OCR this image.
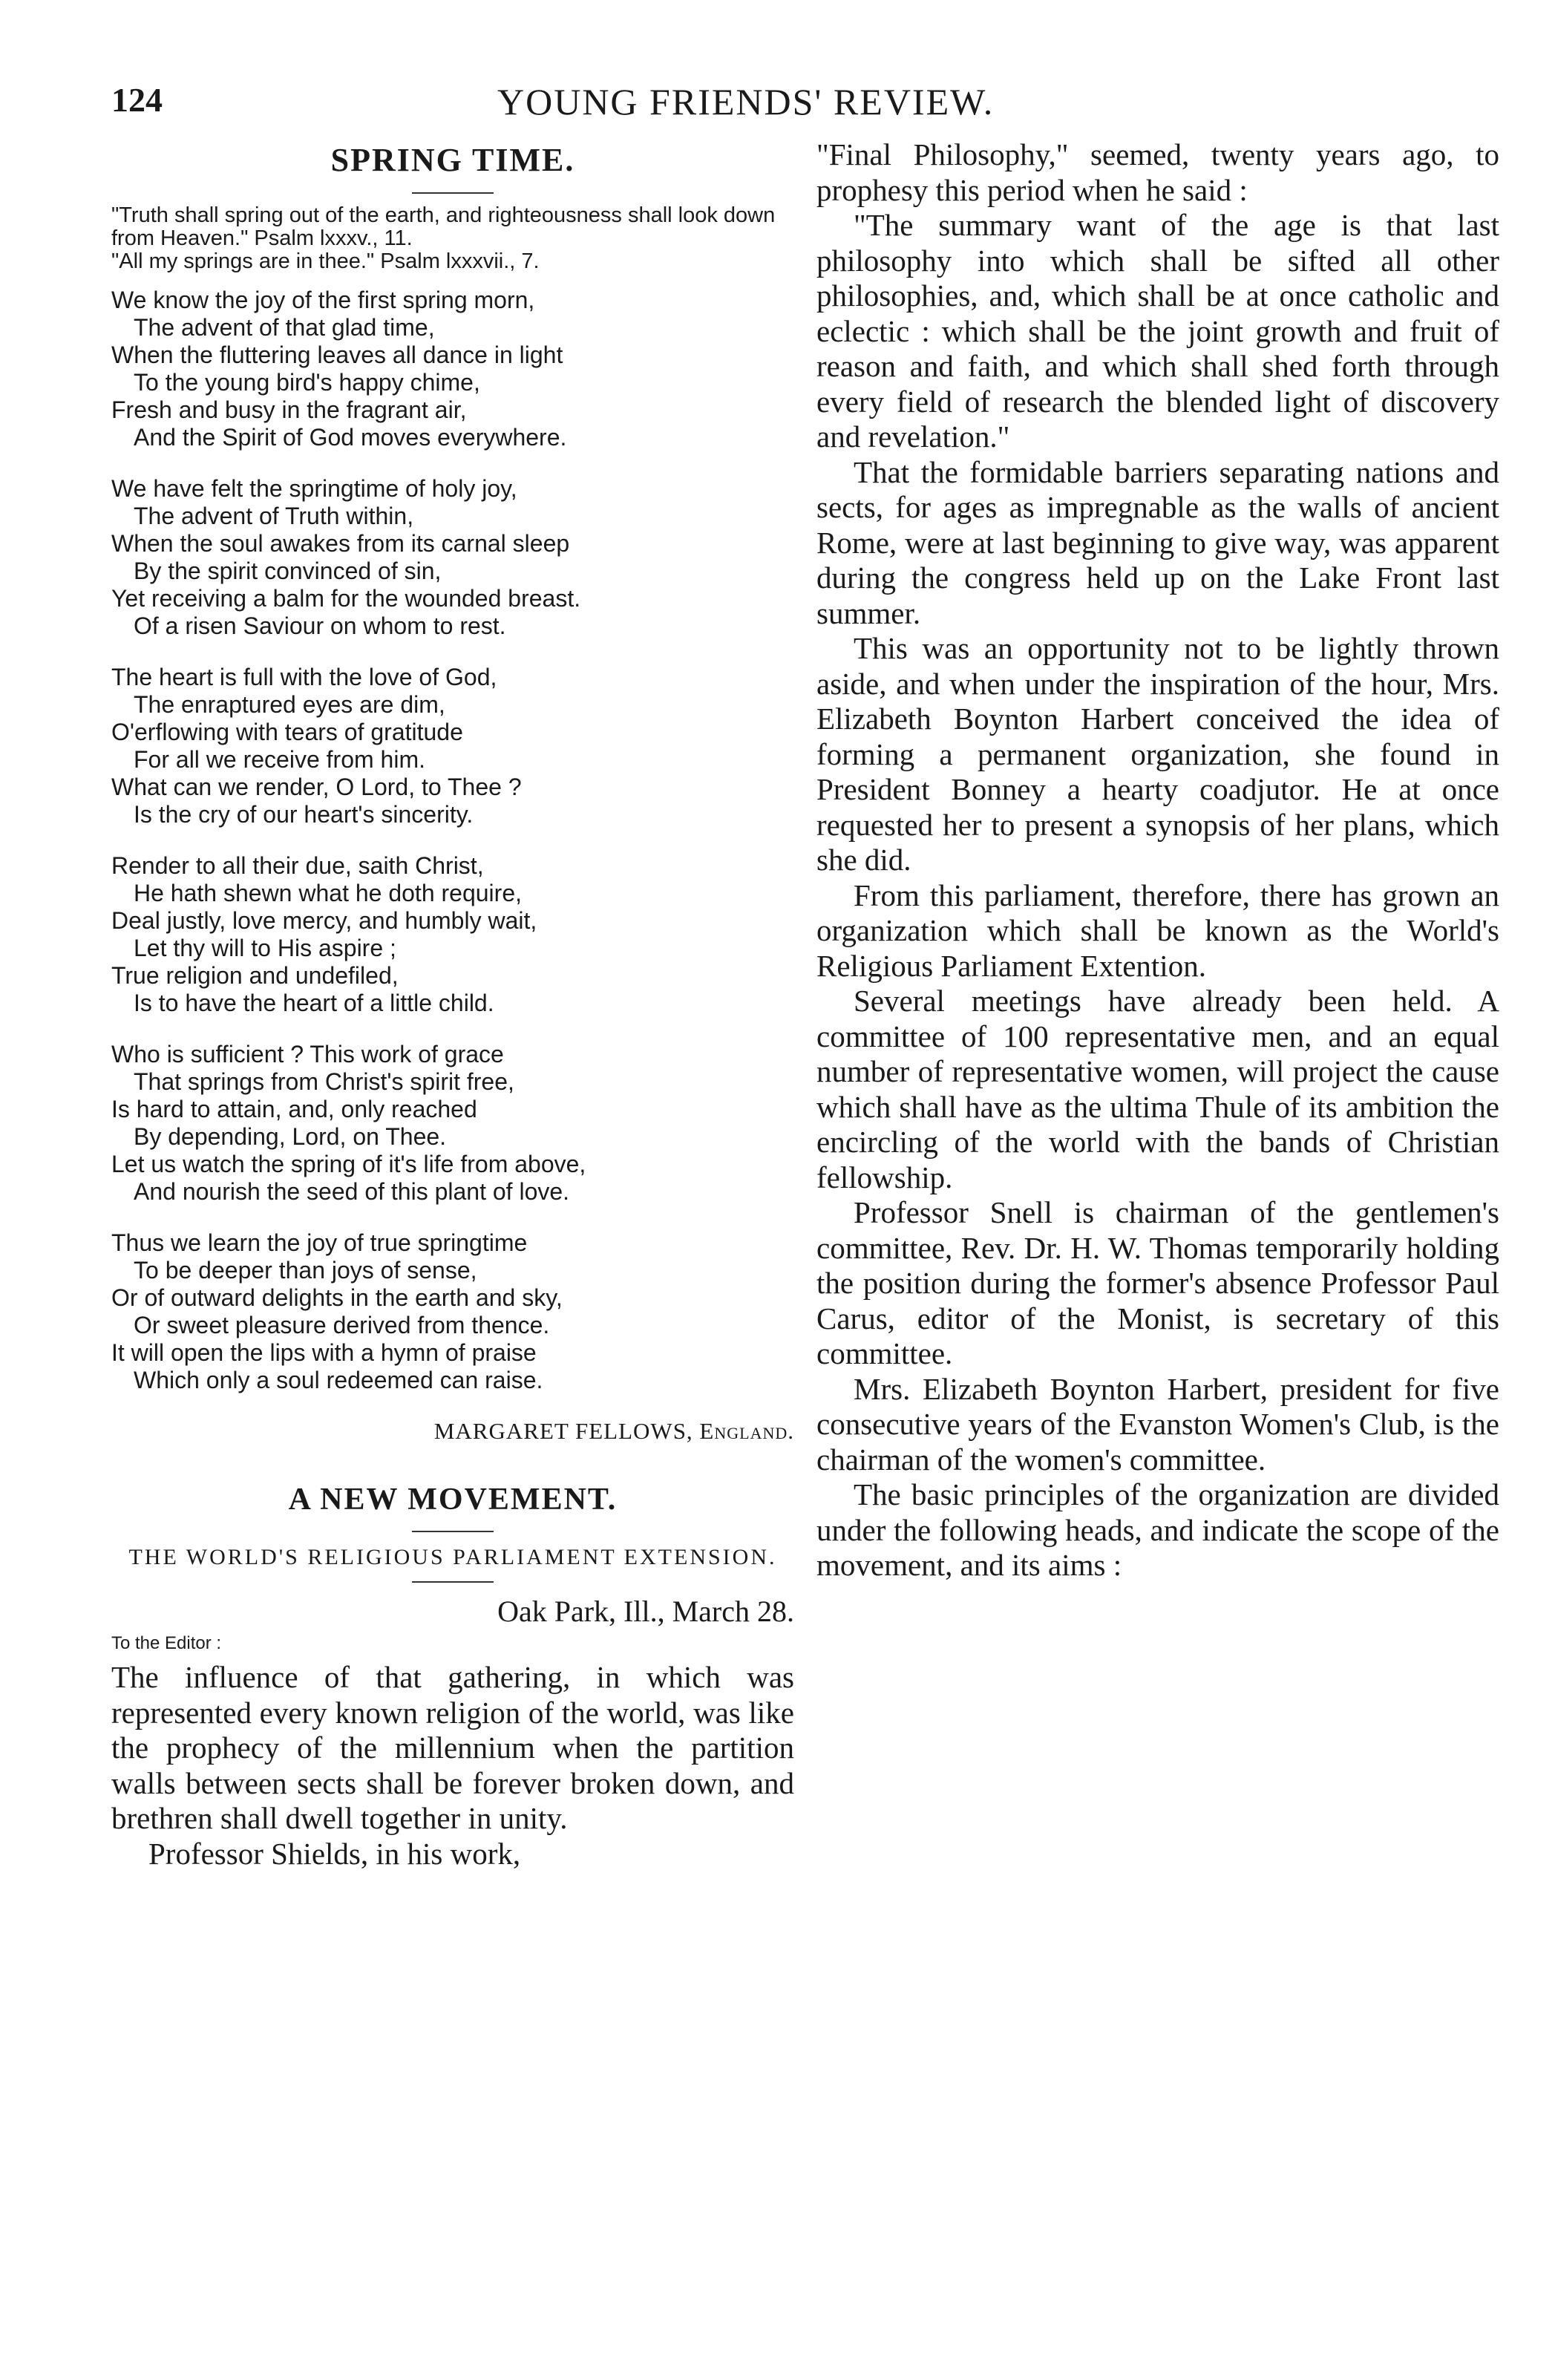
124	YOUNG FRIENDS' REVIEW.
SPRING TIME.

"Truth shall spring out of the earth, and righteousness shall look down from Heaven." Psalm lxxxv., 11.

"All my springs are in thee." Psalm lxxxvii., 7.

We know the joy of the first spring morn,
The advent of that glad time,
When the fluttering leaves all dance in light
To the young bird's happy chime,
Fresh and busy in the fragrant air,
And the Spirit of God moves everywhere.
We have felt the springtime of holy joy,
The advent of Truth within,
When the soul awakes from its carnal sleep
By the spirit convinced of sin,
Yet receiving a balm for the wounded breast.
Of a risen Saviour on whom to rest.
The heart is full with the love of God,
The enraptured eyes are dim,
O'erflowing with tears of gratitude
For all we receive from him.
What can we render, O Lord, to Thee ?
Is the cry of our heart's sincerity.
Render to all their due, saith Christ,
He hath shewn what he doth require,
Deal justly, love mercy, and humbly wait,
Let thy will to His aspire ;
True religion and undefiled,
Is to have the heart of a little child.
Who is sufficient ? This work of grace
That springs from Christ's spirit free,
Is hard to attain, and, only reached
By depending, Lord, on Thee.
Let us watch the spring of it's life from above,
And nourish the seed of this plant of love.
Thus we learn the joy of true springtime
To be deeper than joys of sense,
Or of outward delights in the earth and sky,
Or sweet pleasure derived from thence.
It will open the lips with a hymn of praise
Which only a soul redeemed can raise.
MARGARET FELLOWS, England.
A NEW MOVEMENT.
THE WORLD'S RELIGIOUS PARLIAMENT EXTENSION.
Oak Park, Ill., March 28.
To the Editor :

The influence of that gathering, in which was represented every known religion of the world, was like the prophecy of the millennium when the partition walls between sects shall be forever broken down, and brethren shall dwell together in unity.

Professor Shields, in his work,

"Final Philosophy," seemed, twenty years ago, to prophesy this period when he said :

"The summary want of the age is that last philosophy into which shall be sifted all other philosophies, and, which shall be at once catholic and eclectic : which shall be the joint growth and fruit of reason and faith, and which shall shed forth through every field of research the blended light of discovery and revelation."

That the formidable barriers separating nations and sects, for ages as impregnable as the walls of ancient Rome, were at last beginning to give way, was apparent during the congress held up on the Lake Front last summer.

This was an opportunity not to be lightly thrown aside, and when under the inspiration of the hour, Mrs. Elizabeth Boynton Harbert conceived the idea of forming a permanent organization, she found in President Bonney a hearty coadjutor. He at once requested her to present a synopsis of her plans, which she did.

From this parliament, therefore, there has grown an organization which shall be known as the World's Religious Parliament Extention.

Several meetings have already been held. A committee of 100 representative men, and an equal number of representative women, will project the cause which shall have as the ultima Thule of its ambition the encircling of the world with the bands of Christian fellowship.

Professor Snell is chairman of the gentlemen's committee, Rev. Dr. H. W. Thomas temporarily holding the position during the former's absence Professor Paul Carus, editor of the Monist, is secretary of this committee.

Mrs. Elizabeth Boynton Harbert, president for five consecutive years of the Evanston Women's Club, is the chairman of the women's committee.

The basic principles of the organization are divided under the following heads, and indicate the scope of the movement, and its aims :
